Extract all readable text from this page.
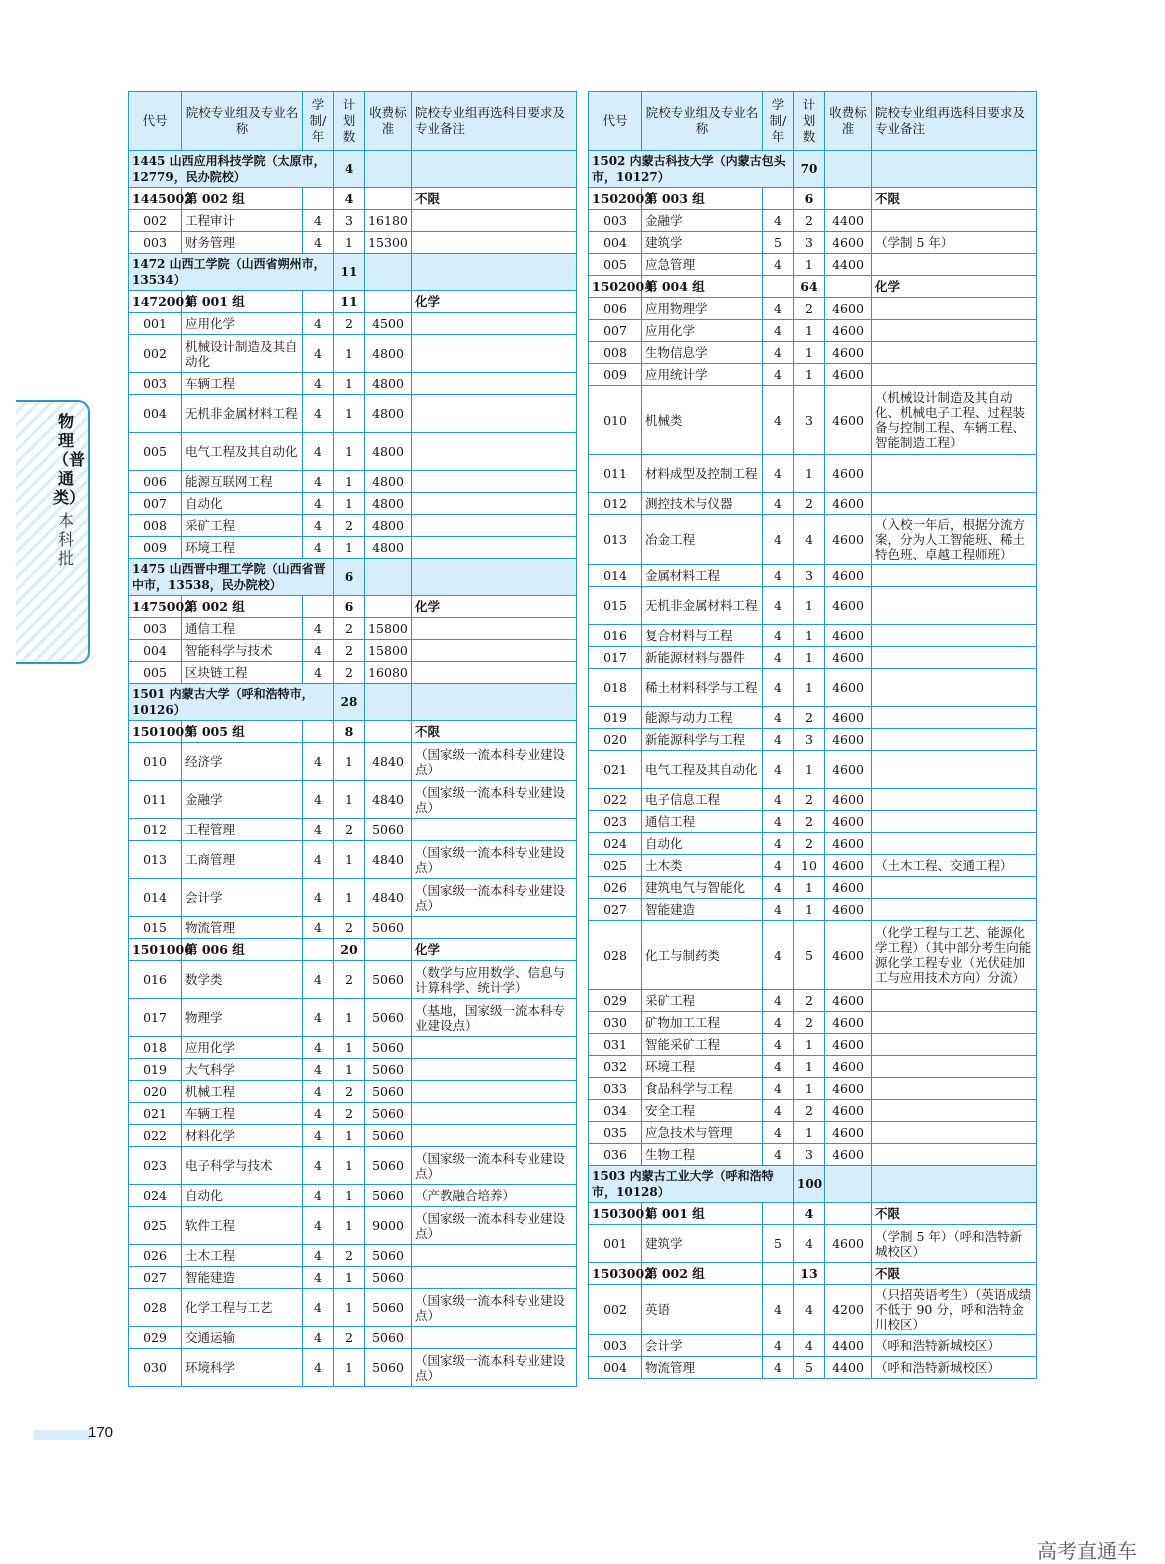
代号	院校专业组及专业名称	学制/年	计划数	收费标准	院校专业组再选科目要求及专业备注
1445 山西应用科技学院（太原市，12779，民办院校）			4		
1445002	第 002 组		4		不限
002	工程审计	4	3	16180	
003	财务管理	4	1	15300	
1472 山西工学院（山西省朔州市，13534）			11		
1472001	第 001 组		11		化学
001	应用化学	4	2	4500	
002	机械设计制造及其自动化	4	1	4800	
003	车辆工程	4	1	4800	
004	无机非金属材料工程	4	1	4800	
005	电气工程及其自动化	4	1	4800	
006	能源互联网工程	4	1	4800	
007	自动化	4	1	4800	
008	采矿工程	4	2	4800	
009	环境工程	4	1	4800	
1475 山西晋中理工学院（山西省晋中市，13538，民办院校）			6		
1475002	第 002 组		6		化学
003	通信工程	4	2	15800	
004	智能科学与技术	4	2	15800	
005	区块链工程	4	2	16080	
1501 内蒙古大学（呼和浩特市，10126）			28		
1501005	第 005 组		8		不限
010	经济学	4	1	4840	（国家级一流本科专业建设点）
011	金融学	4	1	4840	（国家级一流本科专业建设点）
012	工程管理	4	2	5060	
013	工商管理	4	1	4840	（国家级一流本科专业建设点）
014	会计学	4	1	4840	（国家级一流本科专业建设点）
015	物流管理	4	2	5060	
1501006	第 006 组		20		化学
016	数学类	4	2	5060	（数学与应用数学、信息与计算科学、统计学）
017	物理学	4	1	5060	（基地，国家级一流本科专业建设点）
018	应用化学	4	1	5060	
019	大气科学	4	1	5060	
020	机械工程	4	2	5060	
021	车辆工程	4	2	5060	
022	材料化学	4	1	5060	
023	电子科学与技术	4	1	5060	（国家级一流本科专业建设点）
024	自动化	4	1	5060	（产教融合培养）
025	软件工程	4	1	9000	（国家级一流本科专业建设点）
026	土木工程	4	2	5060	
027	智能建造	4	1	5060	
028	化学工程与工艺	4	1	5060	（国家级一流本科专业建设点）
029	交通运输	4	2	5060	
030	环境科学	4	1	5060	（国家级一流本科专业建设点）
代号	院校专业组及专业名称	学制/年	计划数	收费标准	院校专业组再选科目要求及专业备注
1502 内蒙古科技大学（内蒙古包头市，10127）			70		
1502003	第 003 组		6		不限
003	金融学	4	2	4400	
004	建筑学	5	3	4600	（学制 5 年）
005	应急管理	4	1	4400	
1502004	第 004 组		64		化学
006	应用物理学	4	2	4600	
007	应用化学	4	1	4600	
008	生物信息学	4	1	4600	
009	应用统计学	4	1	4600	
010	机械类	4	3	4600	（机械设计制造及其自动化、机械电子工程、过程装备与控制工程、车辆工程、智能制造工程）
011	材料成型及控制工程	4	1	4600	
012	测控技术与仪器	4	2	4600	
013	冶金工程	4	4	4600	（入校一年后，根据分流方案，分为人工智能班、稀土特色班、卓越工程师班）
014	金属材料工程	4	3	4600	
015	无机非金属材料工程	4	1	4600	
016	复合材料与工程	4	1	4600	
017	新能源材料与器件	4	1	4600	
018	稀土材料科学与工程	4	1	4600	
019	能源与动力工程	4	2	4600	
020	新能源科学与工程	4	3	4600	
021	电气工程及其自动化	4	1	4600	
022	电子信息工程	4	2	4600	
023	通信工程	4	2	4600	
024	自动化	4	2	4600	
025	土木类	4	10	4600	（土木工程、交通工程）
026	建筑电气与智能化	4	1	4600	
027	智能建造	4	1	4600	
028	化工与制药类	4	5	4600	（化学工程与工艺、能源化学工程）（其中部分考生向能源化学工程专业（光伏硅加工与应用技术方向）分流）
029	采矿工程	4	2	4600	
030	矿物加工工程	4	2	4600	
031	智能采矿工程	4	1	4600	
032	环境工程	4	1	4600	
033	食品科学与工程	4	1	4600	
034	安全工程	4	2	4600	
035	应急技术与管理	4	1	4600	
036	生物工程	4	3	4600	
1503 内蒙古工业大学（呼和浩特市，10128）			100		
1503001	第 001 组		4		不限
001	建筑学	5	4	4600	（学制 5 年）（呼和浩特新城校区）
1503002	第 002 组		13		不限
002	英语	4	4	4200	（只招英语考生）（英语成绩不低于 90 分，呼和浩特金川校区）
003	会计学	4	4	4400	（呼和浩特新城校区）
004	物流管理	4	5	4400	（呼和浩特新城校区）
物理（普通类）
本科批
170
高考直通车
